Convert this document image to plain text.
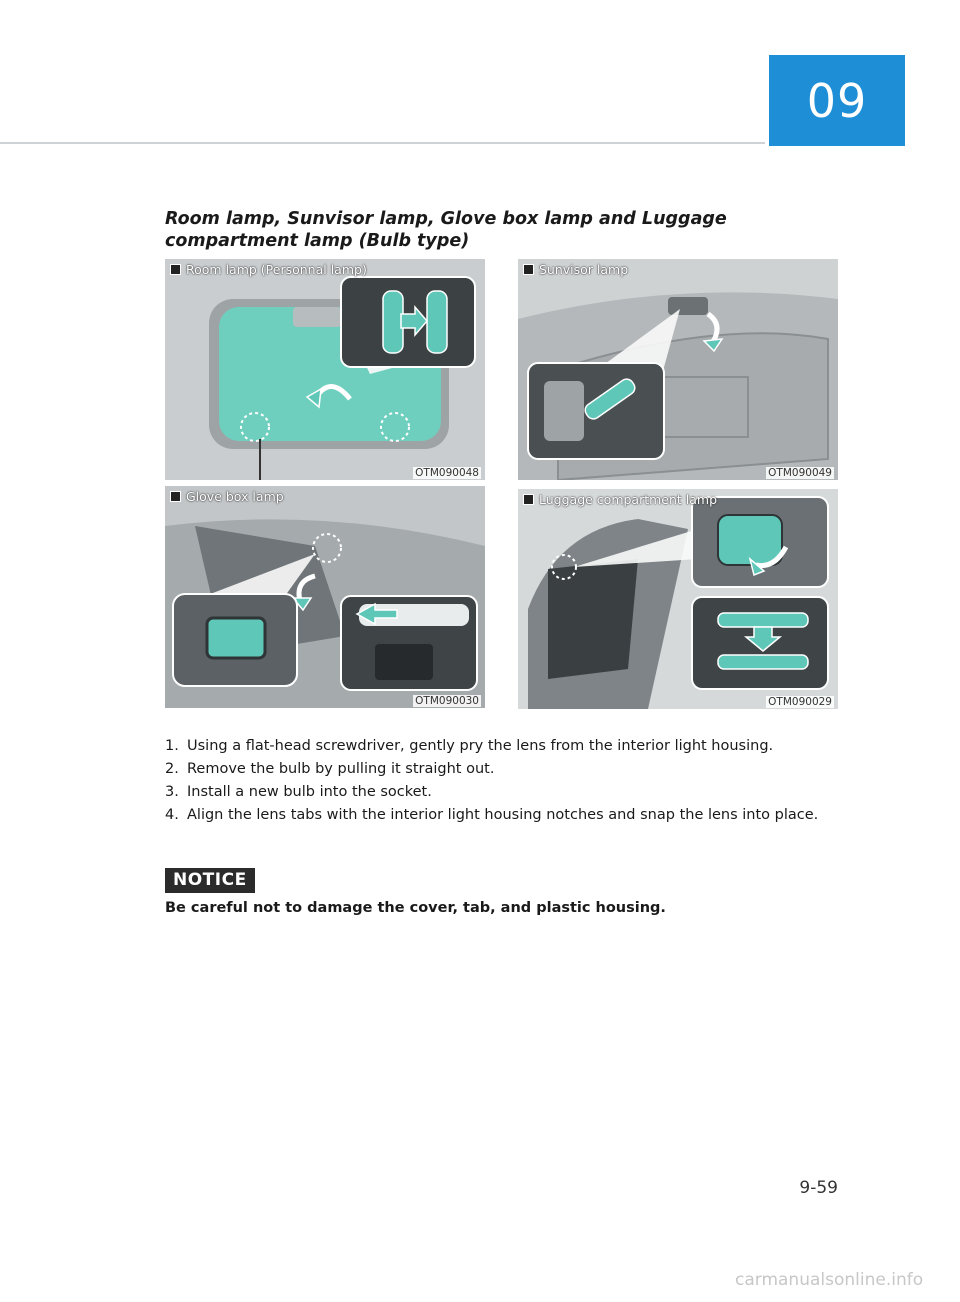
09
Room lamp, Sunvisor lamp, Glove box lamp and Luggage compartment lamp (Bulb type)
Room lamp (Personnal lamp)
OTM090048
Sunvisor lamp
OTM090049
Glove box lamp
OTM090030
Luggage compartment lamp
OTM090029
1. Using a flat-head screwdriver, gently pry the lens from the interior light housing.
2. Remove the bulb by pulling it straight out.
3. Install a new bulb into the socket.
4. Align the lens tabs with the interior light housing notches and snap the lens into place.
NOTICE
Be careful not to damage the cover, tab, and plastic housing.
9-59
carmanualsonline.info
